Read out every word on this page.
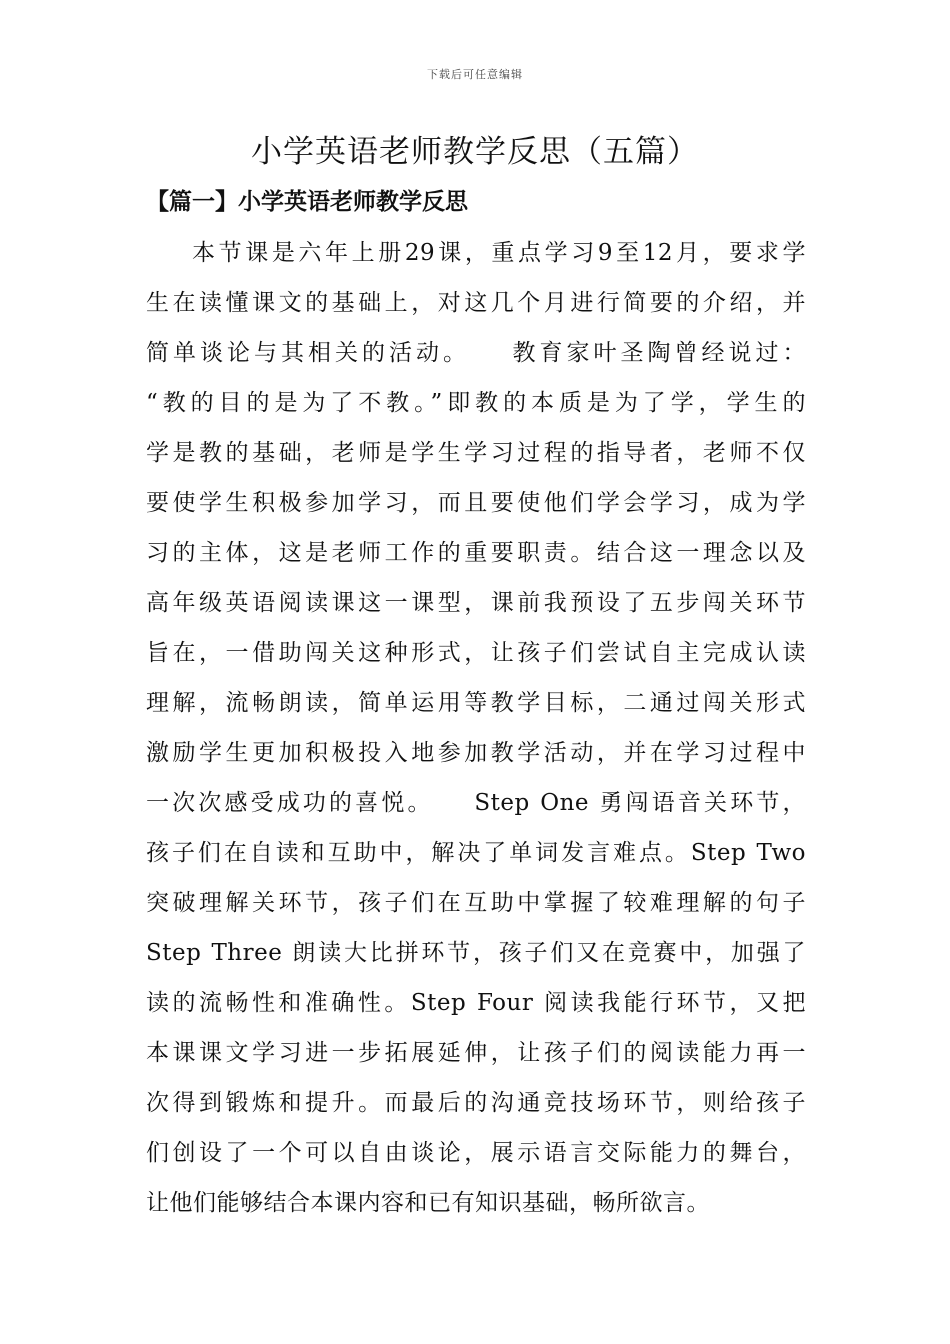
下载后可任意编辑
小学英语老师教学反思（五篇）
【篇一】小学英语老师教学反思
本节课是六年上册29课，重点学习9至12月，要求学
生在读懂课文的基础上，对这几个月进行简要的介绍，并
简单谈论与其相关的活动。　　教育家叶圣陶曾经说过：
“教的目的是为了不教。”即教的本质是为了学，学生的
学是教的基础，老师是学生学习过程的指导者，老师不仅
要使学生积极参加学习，而且要使他们学会学习，成为学
习的主体，这是老师工作的重要职责。结合这一理念以及
高年级英语阅读课这一课型，课前我预设了五步闯关环节
旨在，一借助闯关这种形式，让孩子们尝试自主完成认读
理解，流畅朗读，简单运用等教学目标，二通过闯关形式
激励学生更加积极投入地参加教学活动，并在学习过程中
一次次感受成功的喜悦。　　Step One 勇闯语音关环节，
孩子们在自读和互助中，解决了单词发言难点。Step Two
突破理解关环节，孩子们在互助中掌握了较难理解的句子
Step Three 朗读大比拼环节，孩子们又在竞赛中，加强了
读的流畅性和准确性。Step Four 阅读我能行环节，又把
本课课文学习进一步拓展延伸，让孩子们的阅读能力再一
次得到锻炼和提升。而最后的沟通竞技场环节，则给孩子
们创设了一个可以自由谈论，展示语言交际能力的舞台，
让他们能够结合本课内容和已有知识基础，畅所欲言。
